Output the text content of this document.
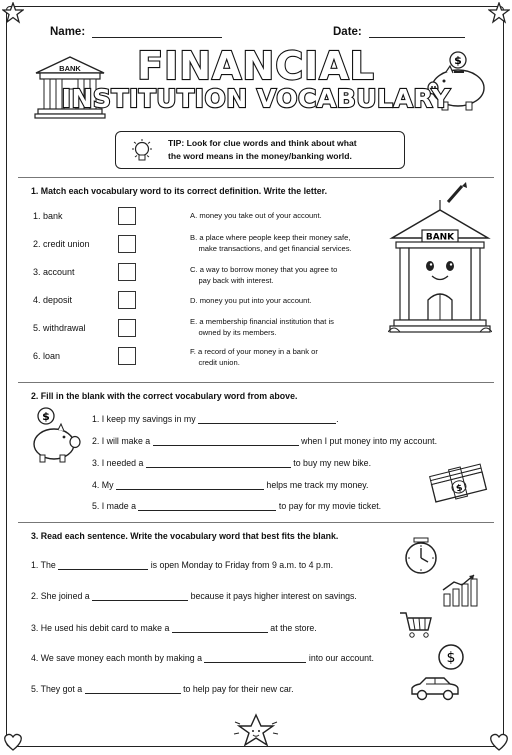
Name:	Date:
BANK
$
FINANCIAL
INSTITUTION VOCABULARY
TIP: Look for clue words and think about what
the word means in the money/banking world.
1. Match each vocabulary word to its correct definition. Write the letter.
1. bank
2. credit union
3. account
4. deposit
5. withdrawal
6. loan
A. money you take out of your account.
B. a place where people keep their money safe,
make transactions, and get financial services.
C. a way to borrow money that you agree to
pay back with interest.
D. money you put into your account.
E. a membership financial institution that is
owned by its members.
F. a record of your money in a bank or
credit union.
BANK
2. Fill in the blank with the correct vocabulary word from above.
$	1. I keep my savings in my	.
2. I will make a	when I put money into my account.
3. I needed a	to buy my new bike.
4. My	helps me track my money.
5. I made a	to pay for my movie ticket.
$
3. Read each sentence. Write the vocabulary word that best fits the blank.
1. The	is open Monday to Friday from 9 a.m. to 4 p.m.
2. She joined a	because it pays higher interest on savings.
3. He used his debit card to make a	at the store.
4. We save money each month by making a	into our account.
5. They got a	to help pay for their new car.
$
